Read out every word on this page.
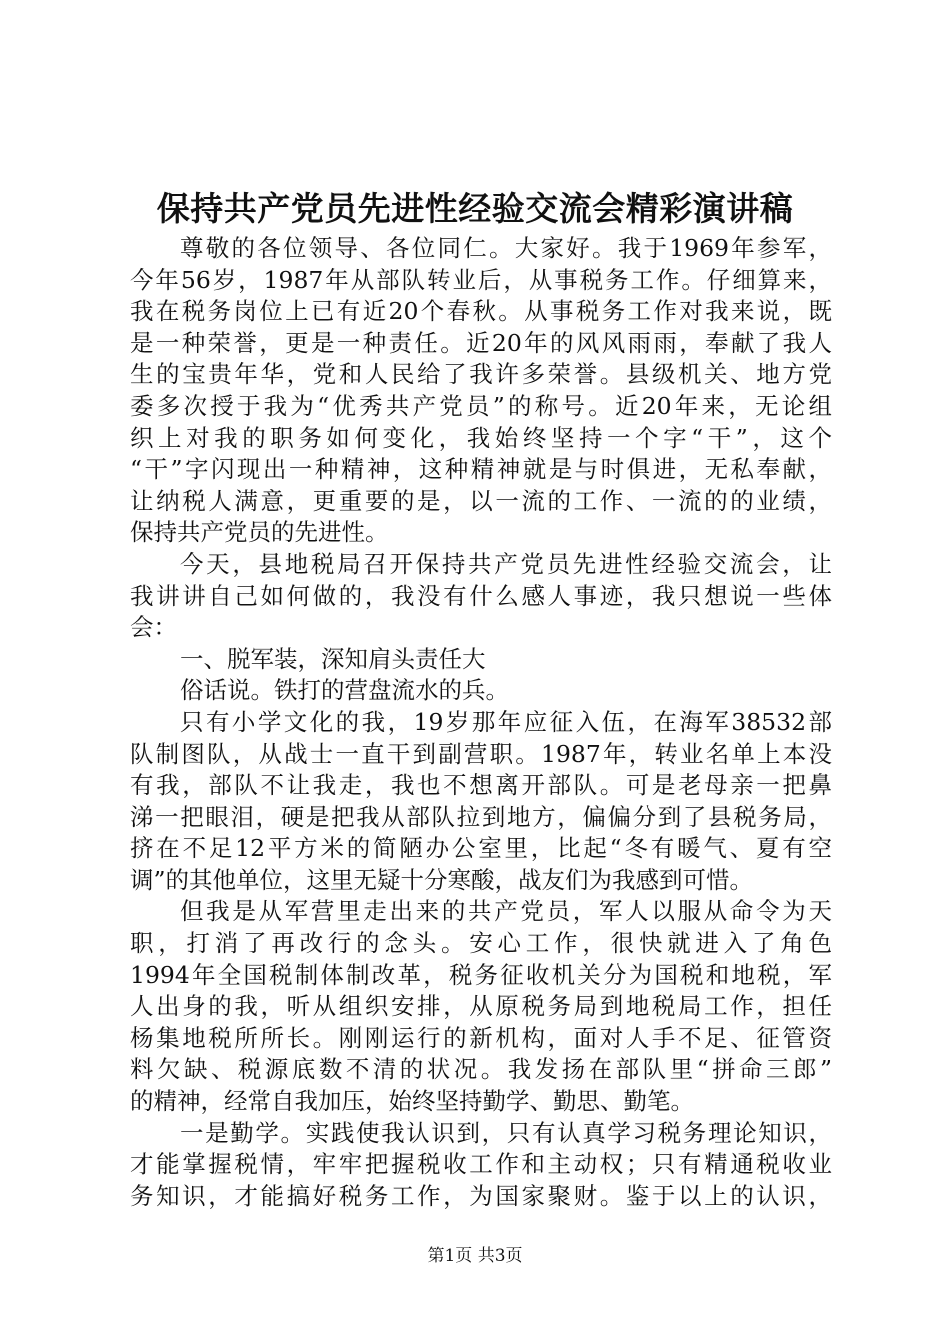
保持共产党员先进性经验交流会精彩演讲稿
尊敬的各位领导、各位同仁。大家好。我于1969年参军，
今年56岁，1987年从部队转业后，从事税务工作。仔细算来，
我在税务岗位上已有近20个春秋。从事税务工作对我来说，既
是一种荣誉，更是一种责任。近20年的风风雨雨，奉献了我人
生的宝贵年华，党和人民给了我许多荣誉。县级机关、地方党
委多次授于我为“优秀共产党员”的称号。近20年来，无论组
织上对我的职务如何变化，我始终坚持一个字“干”，这个
“干”字闪现出一种精神，这种精神就是与时俱进，无私奉献，
让纳税人满意，更重要的是，以一流的工作、一流的的业绩，
保持共产党员的先进性。
今天，县地税局召开保持共产党员先进性经验交流会，让
我讲讲自己如何做的，我没有什么感人事迹，我只想说一些体
会：
一、脱军装，深知肩头责任大
俗话说。铁打的营盘流水的兵。
只有小学文化的我，19岁那年应征入伍，在海军38532部
队制图队，从战士一直干到副营职。1987年，转业名单上本没
有我，部队不让我走，我也不想离开部队。可是老母亲一把鼻
涕一把眼泪，硬是把我从部队拉到地方，偏偏分到了县税务局，
挤在不足12平方米的简陋办公室里，比起“冬有暖气、夏有空
调”的其他单位，这里无疑十分寒酸，战友们为我感到可惜。
但我是从军营里走出来的共产党员，军人以服从命令为天
职，打消了再改行的念头。安心工作，很快就进入了角色
1994年全国税制体制改革，税务征收机关分为国税和地税，军
人出身的我，听从组织安排，从原税务局到地税局工作，担任
杨集地税所所长。刚刚运行的新机构，面对人手不足、征管资
料欠缺、税源底数不清的状况。我发扬在部队里“拼命三郎”
的精神，经常自我加压，始终坚持勤学、勤思、勤笔。
一是勤学。实践使我认识到，只有认真学习税务理论知识，
才能掌握税情，牢牢把握税收工作和主动权；只有精通税收业
务知识，才能搞好税务工作，为国家聚财。鉴于以上的认识，
第1页 共3页
